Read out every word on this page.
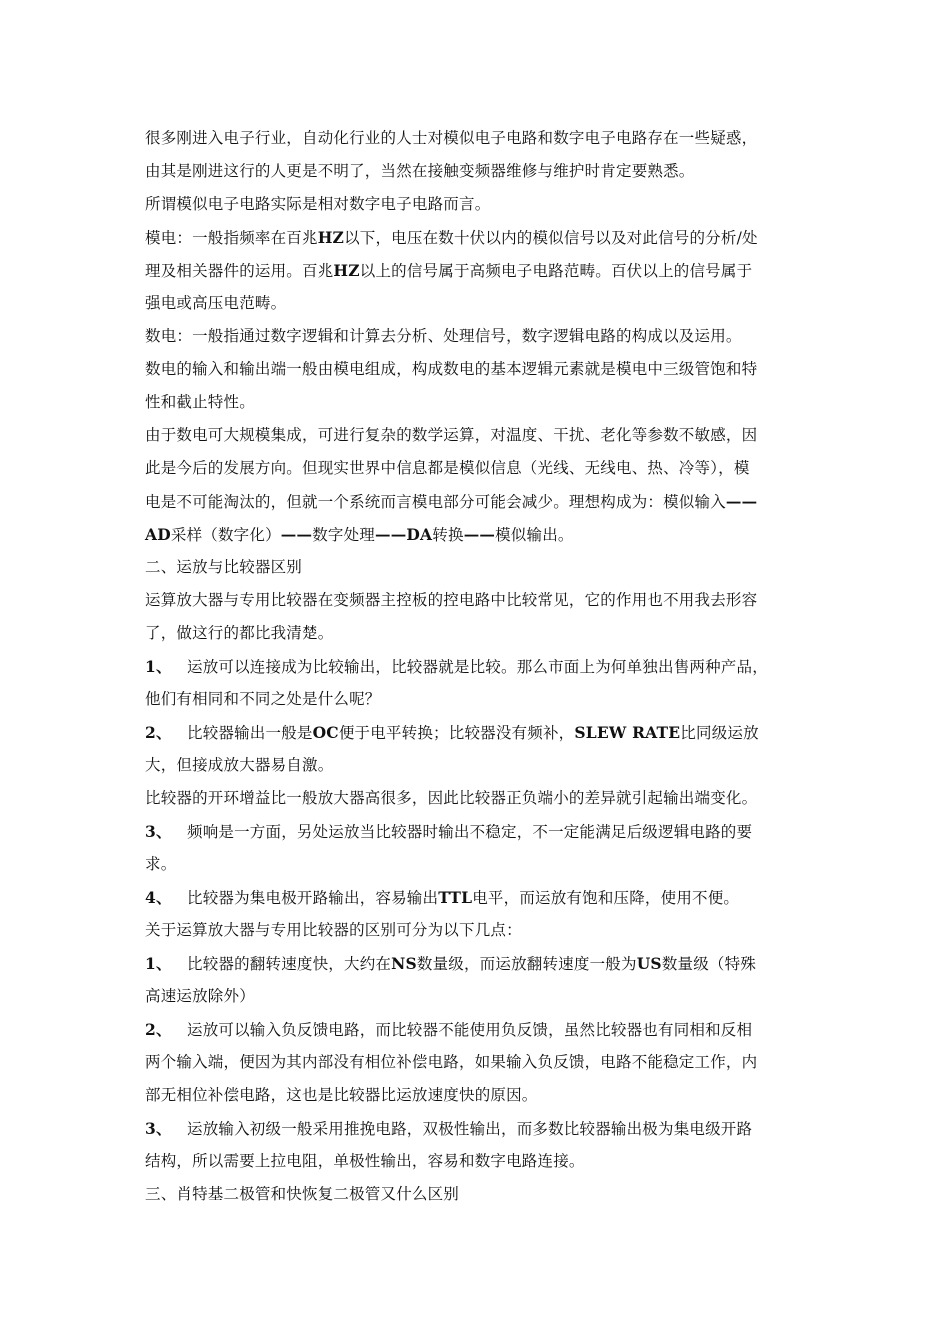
很多刚进入电子行业，自动化行业的人士对模似电子电路和数字电子电路存在一些疑惑，
由其是刚进这行的人更是不明了，当然在接触变频器维修与维护时肯定要熟悉。
所谓模似电子电路实际是相对数字电子电路而言。
模电：一般指频率在百兆HZ以下，电压在数十伏以内的模似信号以及对此信号的分析/处
理及相关器件的运用。百兆HZ以上的信号属于高频电子电路范畴。百伏以上的信号属于
强电或高压电范畴。
数电：一般指通过数字逻辑和计算去分析、处理信号，数字逻辑电路的构成以及运用。
数电的输入和输出端一般由模电组成，构成数电的基本逻辑元素就是模电中三级管饱和特
性和截止特性。
由于数电可大规模集成，可进行复杂的数学运算，对温度、干扰、老化等参数不敏感，因
此是今后的发展方向。但现实世界中信息都是模似信息（光线、无线电、热、冷等），模
电是不可能淘汰的，但就一个系统而言模电部分可能会减少。理想构成为：模似输入——
AD采样（数字化）——数字处理——DA转换——模似输出。
二、运放与比较器区别
运算放大器与专用比较器在变频器主控板的控电路中比较常见，它的作用也不用我去形容
了，做这行的都比我清楚。
1、 运放可以连接成为比较输出，比较器就是比较。那么市面上为何单独出售两种产品，
他们有相同和不同之处是什么呢？
2、 比较器输出一般是OC便于电平转换；比较器没有频补，SLEW RATE比同级运放
大，但接成放大器易自激。
比较器的开环增益比一般放大器高很多，因此比较器正负端小的差异就引起输出端变化。
3、 频响是一方面，另处运放当比较器时输出不稳定，不一定能满足后级逻辑电路的要
求。
4、 比较器为集电极开路输出，容易输出TTL电平，而运放有饱和压降，使用不便。
关于运算放大器与专用比较器的区别可分为以下几点：
1、 比较器的翻转速度快，大约在NS数量级，而运放翻转速度一般为US数量级（特殊
高速运放除外）
2、 运放可以输入负反馈电路，而比较器不能使用负反馈，虽然比较器也有同相和反相
两个输入端，便因为其内部没有相位补偿电路，如果输入负反馈，电路不能稳定工作，内
部无相位补偿电路，这也是比较器比运放速度快的原因。
3、 运放输入初级一般采用推挽电路，双极性输出，而多数比较器输出极为集电级开路
结构，所以需要上拉电阻，单极性输出，容易和数字电路连接。
三、肖特基二极管和快恢复二极管又什么区别
